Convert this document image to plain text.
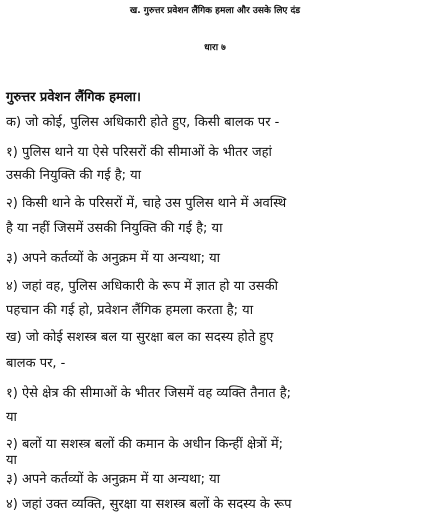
ख. गुरुत्तर प्रवेशन लैंगिक हमला और उसके लिए दंड
धारा ७
गुरुत्तर प्रवेशन लैंगिक हमला।
क) जो कोई, पुलिस अधिकारी होते हुए, किसी बालक पर -
१) पुलिस थाने या ऐसे परिसरों की सीमाओं के भीतर जहां
उसकी नियुक्ति की गई है; या
२) किसी थाने के परिसरों में, चाहे उस पुलिस थाने में अवस्थि
है या नहीं जिसमें उसकी नियुक्ति की गई है; या
३) अपने कर्तव्यों के अनुक्रम में या अन्यथा; या
४) जहां वह, पुलिस अधिकारी के रूप में ज्ञात हो या उसकी
पहचान की गई हो, प्रवेशन लैंगिक हमला करता है; या
ख) जो कोई सशस्त्र बल या सुरक्षा बल का सदस्य होते हुए
बालक पर, -
१) ऐसे क्षेत्र की सीमाओं के भीतर जिसमें वह व्यक्ति तैनात है;
या
२) बलों या सशस्त्र बलों की कमान के अधीन किन्हीं क्षेत्रों में;
या
३) अपने कर्तव्यों के अनुक्रम में या अन्यथा; या
४) जहां उक्त व्यक्ति, सुरक्षा या सशस्त्र बलों के सदस्य के रूप
